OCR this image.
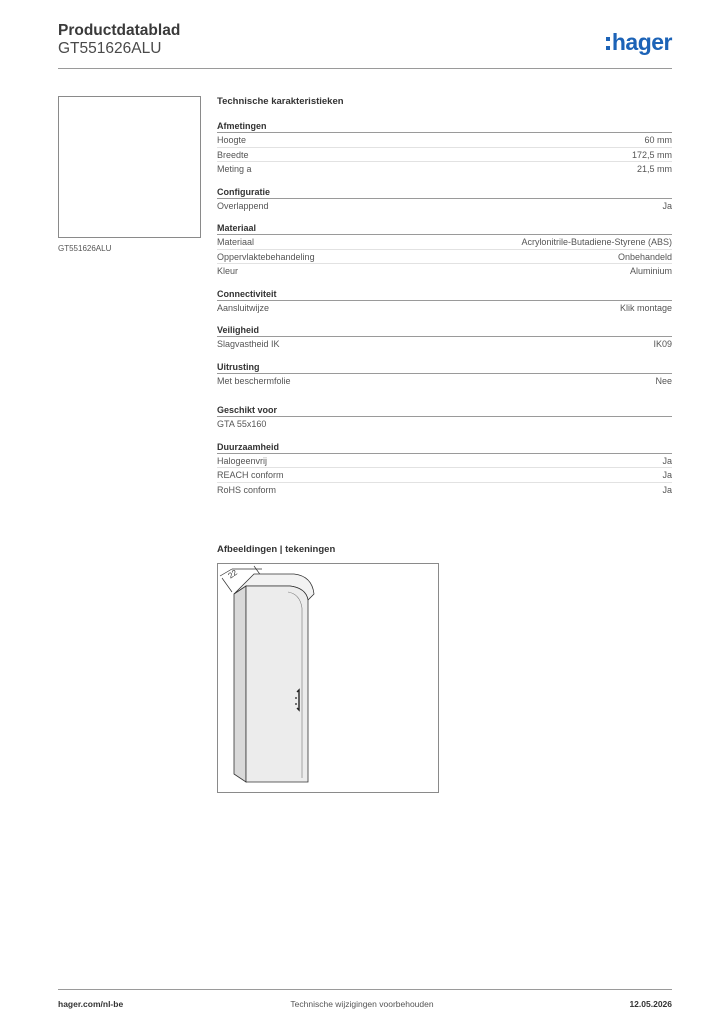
Productdatablad
GT551626ALU	hager
GT551626ALU
Technische karakteristieken
Afmetingen
Hoogte	60 mm
Breedte	172,5 mm
Meting a	21,5 mm
Configuratie
Overlappend	Ja
Materiaal
Materiaal	Acrylonitrile-Butadiene-Styrene (ABS)
Oppervlaktebehandeling	Onbehandeld
Kleur	Aluminium
Connectiviteit
Aansluitwijze	Klik montage
Veiligheid
Slagvastheid IK	IK09
Uitrusting
Met beschermfolie	Nee
Geschikt voor
GTA 55x160
Duurzaamheid
Halogeenvrij	Ja
REACH conform	Ja
RoHS conform	Ja
Afbeeldingen | tekeningen
22
hager.com/nl-be	Technische wijzigingen voorbehouden	12.05.2026
